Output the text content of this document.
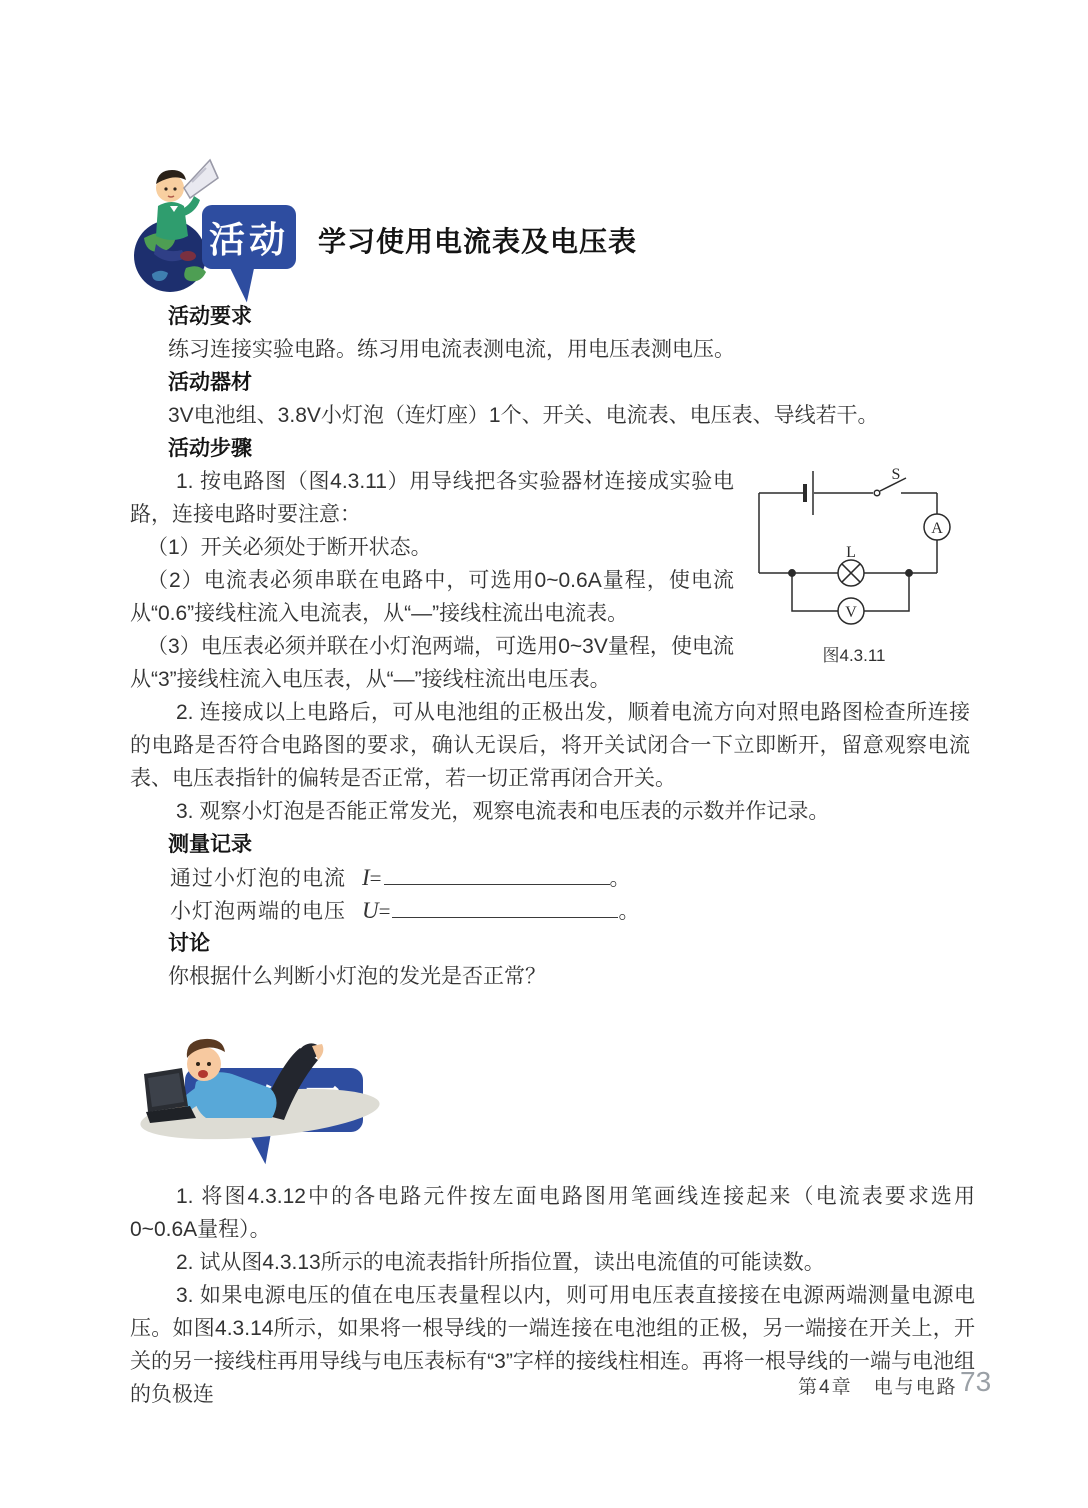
活动 学习使用电流表及电压表
活动要求

练习连接实验电路。练习用电流表测电流，用电压表测电压。

活动器材

3V电池组、3.8V小灯泡（连灯座）1个、开关、电流表、电压表、导线若干。

活动步骤
S
A
L
V
图4.3.11

1. 按电路图（图4.3.11）用导线把各实验器材连接成实验电路，连接电路时要注意：

（1）开关必须处于断开状态。

（2）电流表必须串联在电路中，可选用0~0.6A量程，使电流从“0.6”接线柱流入电流表，从“—”接线柱流出电流表。

（3）电压表必须并联在小灯泡两端，可选用0~3V量程，使电流从“3”接线柱流入电压表，从“—”接线柱流出电压表。

2. 连接成以上电路后，可从电池组的正极出发，顺着电流方向对照电路图检查所连接的电路是否符合电路图的要求，确认无误后，将开关试闭合一下立即断开，留意观察电流表、电压表指针的偏转是否正常，若一切正常再闭合开关。

3. 观察小灯泡是否能正常发光，观察电流表和电压表的示数并作记录。

测量记录
通过小灯泡的电流 I =	。
小灯泡两端的电压 U =	。
讨论

你根据什么判断小灯泡的发光是否正常？

1. 将图4.3.12中的各电路元件按左面电路图用笔画线连接起来（电流表要求选用0~0.6A量程）。

2. 试从图4.3.13所示的电流表指针所指位置，读出电流值的可能读数。

3. 如果电源电压的值在电压表量程以内，则可用电压表直接接在电源两端测量电源电压。如图4.3.14所示，如果将一根导线的一端连接在电池组的正极，另一端接在开关上，开关的另一接线柱再用导线与电压表标有“3”字样的接线柱相连。再将一根导线的一端与电池组的负极连	第4章　电与电路 73
